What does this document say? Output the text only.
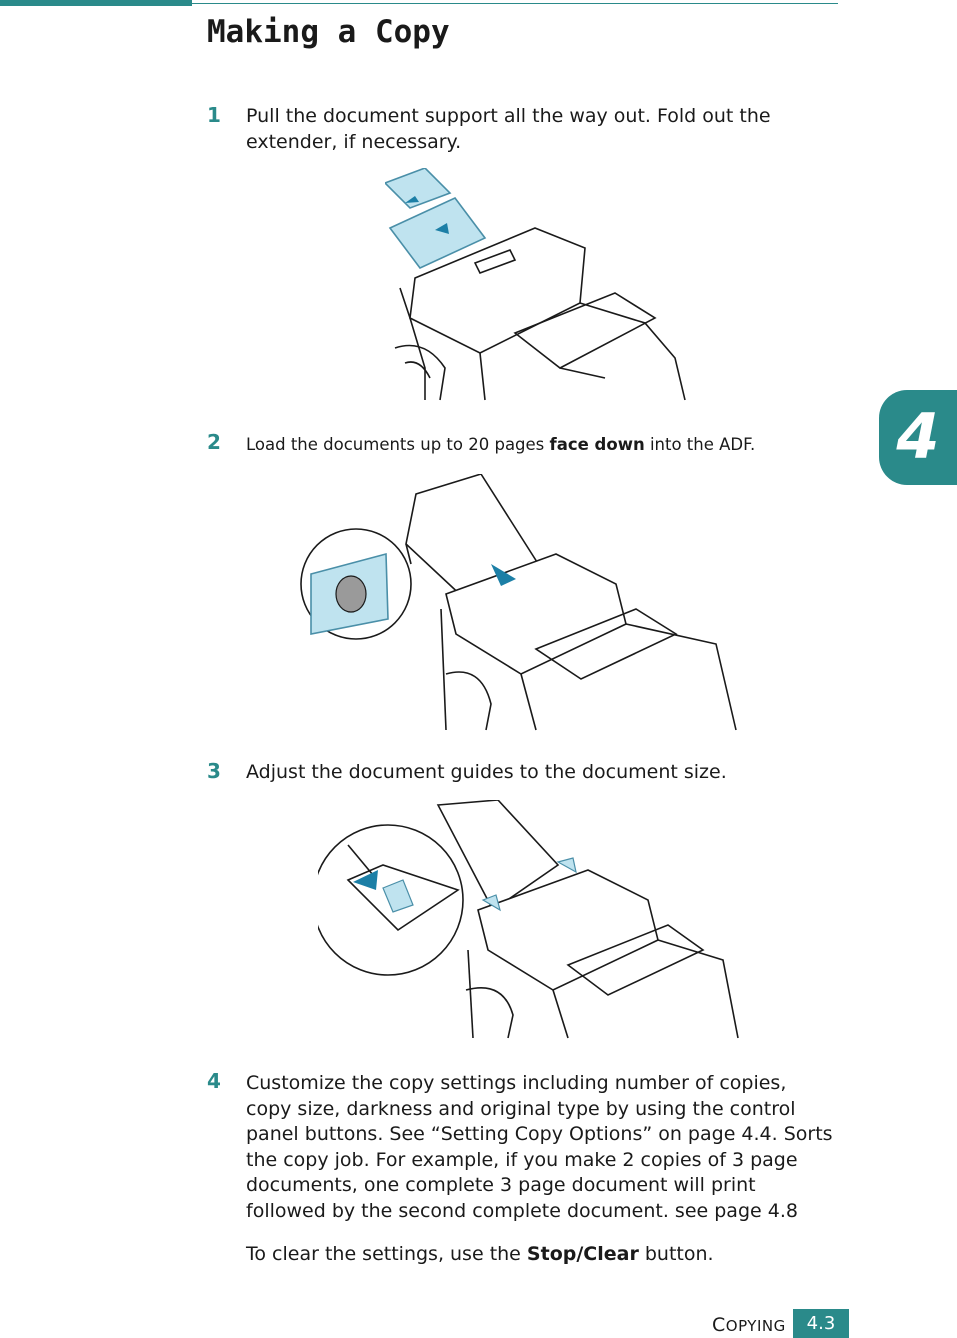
Making a Copy
1 Pull the document support all the way out. Fold out the extender, if necessary.
2 Load the documents up to 20 pages face down into the ADF.
3 Adjust the document guides to the document size.
4 Customize the copy settings including number of copies, copy size, darkness and original type by using the control panel buttons. See “Setting Copy Options” on page 4.4. Sorts the copy job. For example, if you make 2 copies of 3 page documents, one complete 3 page document will print followed by the second complete document. see page 4.8
To clear the settings, use the Stop/Clear button.
4
COPYING	4.3
